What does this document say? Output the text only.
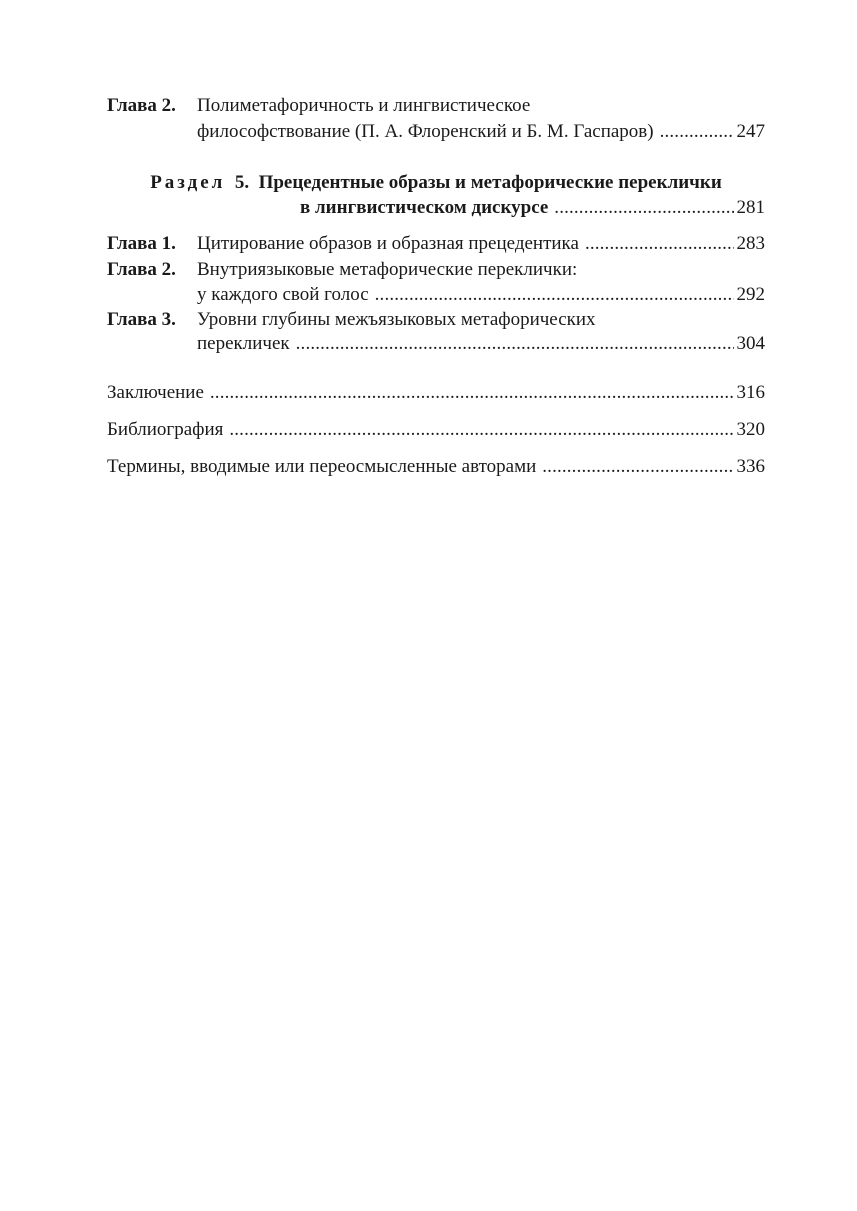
Глава 2. Полиметафоричность и лингвистическое
философствование (П. А. Флоренский и Б. М. Гаспаров) . . .	247
Раздел 5. Прецедентные образы и метафорические переклички
в лингвистическом дискурсе . . .	281
Глава 1. Цитирование образов и образная прецедентика . . .	283
Глава 2. Внутриязыковые метафорические переклички:
у каждого свой голос . . .	292
Глава 3. Уровни глубины межъязыковых метафорических
перекличек . . .	304
Заключение . . .	316
Библиография . . .	320
Термины, вводимые или переосмысленные авторами . . .	336
